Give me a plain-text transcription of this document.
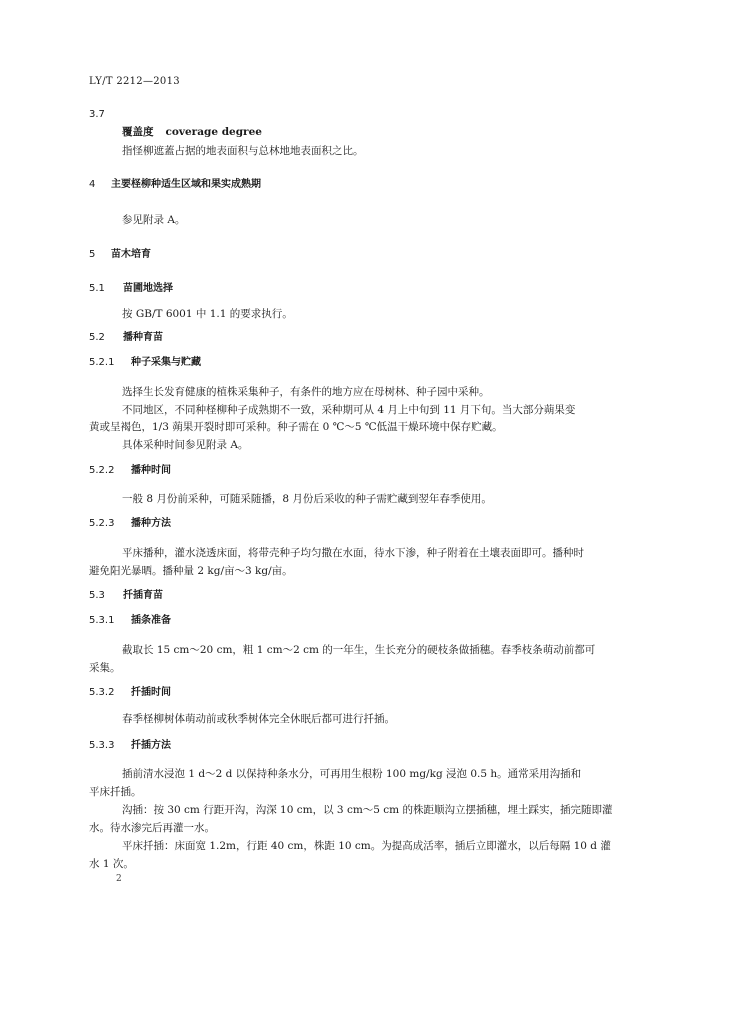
LY/T 2212—2013
3.7
覆盖度 coverage degree
指怪柳遮蓋占据的地表面积与总林地地表面积之比。
4 主要柽柳种适生区域和果实成熟期
参见附录 A。
5 苗木培育
5.1 苗圃地选择
按 GB/T 6001 中 1.1 的要求执行。
5.2 播种育苗
5.2.1 种子采集与贮藏
选择生长发育健康的植株采集种子，有条件的地方应在母树林、种子园中采种。
不同地区，不同种柽柳种子成熟期不一致，采种期可从 4 月上中旬到 11 月下旬。当大部分蒴果变
黄或呈褐色，1/3 蒴果开裂时即可采种。种子需在 0 ℃～5 ℃低温干燥环境中保存贮藏。
具体采种时间参见附录 A。
5.2.2 播种时间
一般 8 月份前采种，可随采随播，8 月份后采收的种子需贮藏到翌年春季使用。
5.2.3 播种方法
平床播种，灌水浇透床面，将带壳种子均匀撒在水面，待水下渗，种子附着在土壤表面即可。播种时
避免阳光暴晒。播种量 2 kg/亩～3 kg/亩。
5.3 扦插育苗
5.3.1 插条准备
截取长 15 cm～20 cm，粗 1 cm～2 cm 的一年生，生长充分的硬枝条做插穗。春季枝条萌动前都可
采集。
5.3.2 扦插时间
春季柽柳树体萌动前或秋季树体完全休眠后都可进行扦插。
5.3.3 扦插方法
插前清水浸泡 1 d～2 d 以保持种条水分，可再用生根粉 100 mg/kg 浸泡 0.5 h。通常采用沟插和
平床扦插。
沟插：按 30 cm 行距开沟，沟深 10 cm，以 3 cm～5 cm 的株距顺沟立摆插穗，埋土踩实，插完随即灌
水。待水渗完后再灌一水。
平床扦插：床面宽 1.2m，行距 40 cm，株距 10 cm。为提高成活率，插后立即灌水，以后每隔 10 d 灌
水 1 次。
2
